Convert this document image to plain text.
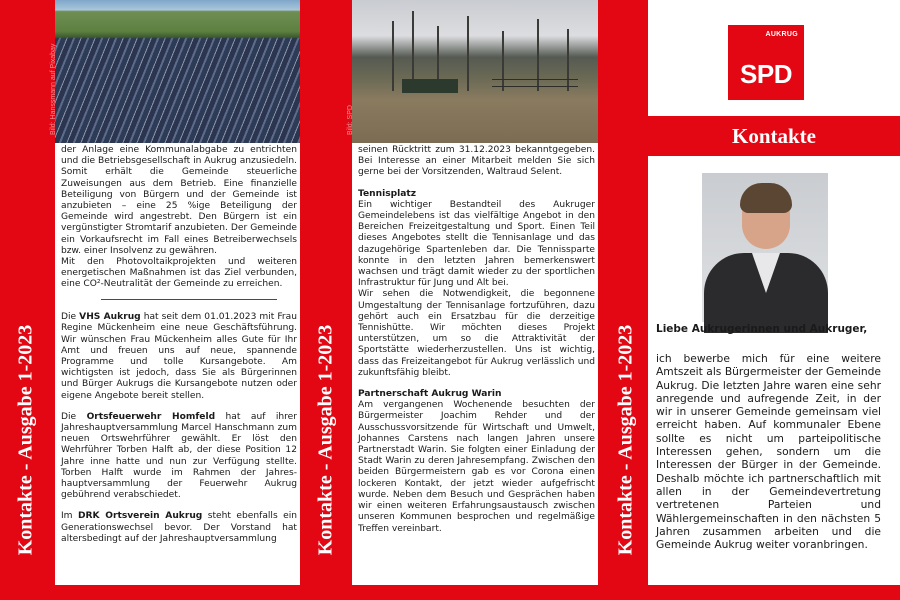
Kontakte - Ausgabe 1-2023
Bild: Hanssmann auf Pixabay

der Anlage eine Kommunalabgabe zu entrichten und die Betriebsgesellschaft in Aukrug anzusiedeln. Somit erhält die Gemeinde steuerliche Zuweisungen aus dem Betrieb. Eine finanzielle Beteiligung von Bürgern und der Gemeinde ist anzubieten – eine 25 %ige Beteiligung der Gemeinde wird angestrebt. Den Bürgern ist ein vergünstigter Stromtarif anzubieten. Der Gemeinde ein Vorkaufsrecht im Fall eines Betreiberwechsels bzw. einer Insolvenz zu gewähren.

Mit den Photovoltaikprojekten und weiteren energetischen Maßnahmen ist das Ziel verbunden, eine CO²-Neutralität der Gemeinde zu erreichen.

Die VHS Aukrug hat seit dem 01.01.2023 mit Frau Regine Mückenheim eine neue Geschäftsführung. Wir wünschen Frau Mückenheim alles Gute für Ihr Amt und freuen uns auf neue, spannende Programme und tolle Kursangebote. Am wichtigsten ist jedoch, dass Sie als Bürgerinnen und Bürger Aukrugs die Kursangebote nutzen oder eigene Angebote bereit stellen.

Die Ortsfeuerwehr Homfeld hat auf ihrer Jahreshauptversammlung Marcel Hanschmann zum neuen Ortswehrführer gewählt. Er löst den Wehrführer Torben Halft ab, der diese Position 12 Jahre inne hatte und nun zur Verfügung stellte. Torben Halft wurde im Rahmen der Jahres-hauptversammlung der Feuerwehr Aukrug gebührend verabschiedet.

Im DRK Ortsverein Aukrug steht ebenfalls ein Generationswechsel bevor. Der Vorstand hat altersbedingt auf der Jahreshauptversammlung	Kontakte - Ausgabe 1-2023
Bild: SPD

seinen Rücktritt zum 31.12.2023 bekanntgegeben. Bei Interesse an einer Mitarbeit melden Sie sich gerne bei der Vorsitzenden, Waltraud Selent.

Tennisplatz

Ein wichtiger Bestandteil des Aukruger Gemeindelebens ist das vielfältige Angebot in den Bereichen Freizeitgestaltung und Sport. Einen Teil dieses Angebotes stellt die Tennisanlage und das dazugehörige Spartenleben dar. Die Tennissparte konnte in den letzten Jahren bemerkenswert wachsen und trägt damit wieder zu der sportlichen Infrastruktur für Jung und Alt bei.

Wir sehen die Notwendigkeit, die begonnene Umgestaltung der Tennisanlage fortzuführen, dazu gehört auch ein Ersatzbau für die derzeitige Tennishütte. Wir möchten dieses Projekt unterstützen, um so die Attraktivität der Sportstätte wiederherzustellen. Uns ist wichtig, dass das Freizeitangebot für Aukrug verlässlich und zukunftsfähig bleibt.

Partnerschaft Aukrug Warin

Am vergangenen Wochenende besuchten der Bürgermeister Joachim Rehder und der Ausschussvorsitzende für Wirtschaft und Umwelt, Johannes Carstens nach langen Jahren unsere Partnerstadt Warin. Sie folgten einer Einladung der Stadt Warin zu deren Jahresempfang. Zwischen den beiden Bürgermeistern gab es vor Corona einen lockeren Kontakt, der jetzt wieder aufgefrischt wurde. Neben dem Besuch und Gesprächen haben wir einen weiteren Erfahrungsaustausch zwischen unseren Kommunen besprochen und regelmäßige Treffen vereinbart.	Kontakte - Ausgabe 1-2023
AUKRUG
SPD
Kontakte
Liebe Aukrugerinnen und Aukruger,
ich bewerbe mich für eine weitere Amtszeit als Bürgermeister der Gemeinde Aukrug. Die letzten Jahre waren eine sehr anregende und aufregende Zeit, in der wir in unserer Gemeinde gemeinsam viel erreicht haben. Auf kommunaler Ebene sollte es nicht um parteipolitische Interessen gehen, sondern um die Interessen der Bürger in der Gemeinde. Deshalb möchte ich partnerschaftlich mit allen in der Gemeindevertretung vertretenen Parteien und Wählergemeinschaften in den nächsten 5 Jahren zusammen arbeiten und die Gemeinde Aukrug weiter voranbringen.
